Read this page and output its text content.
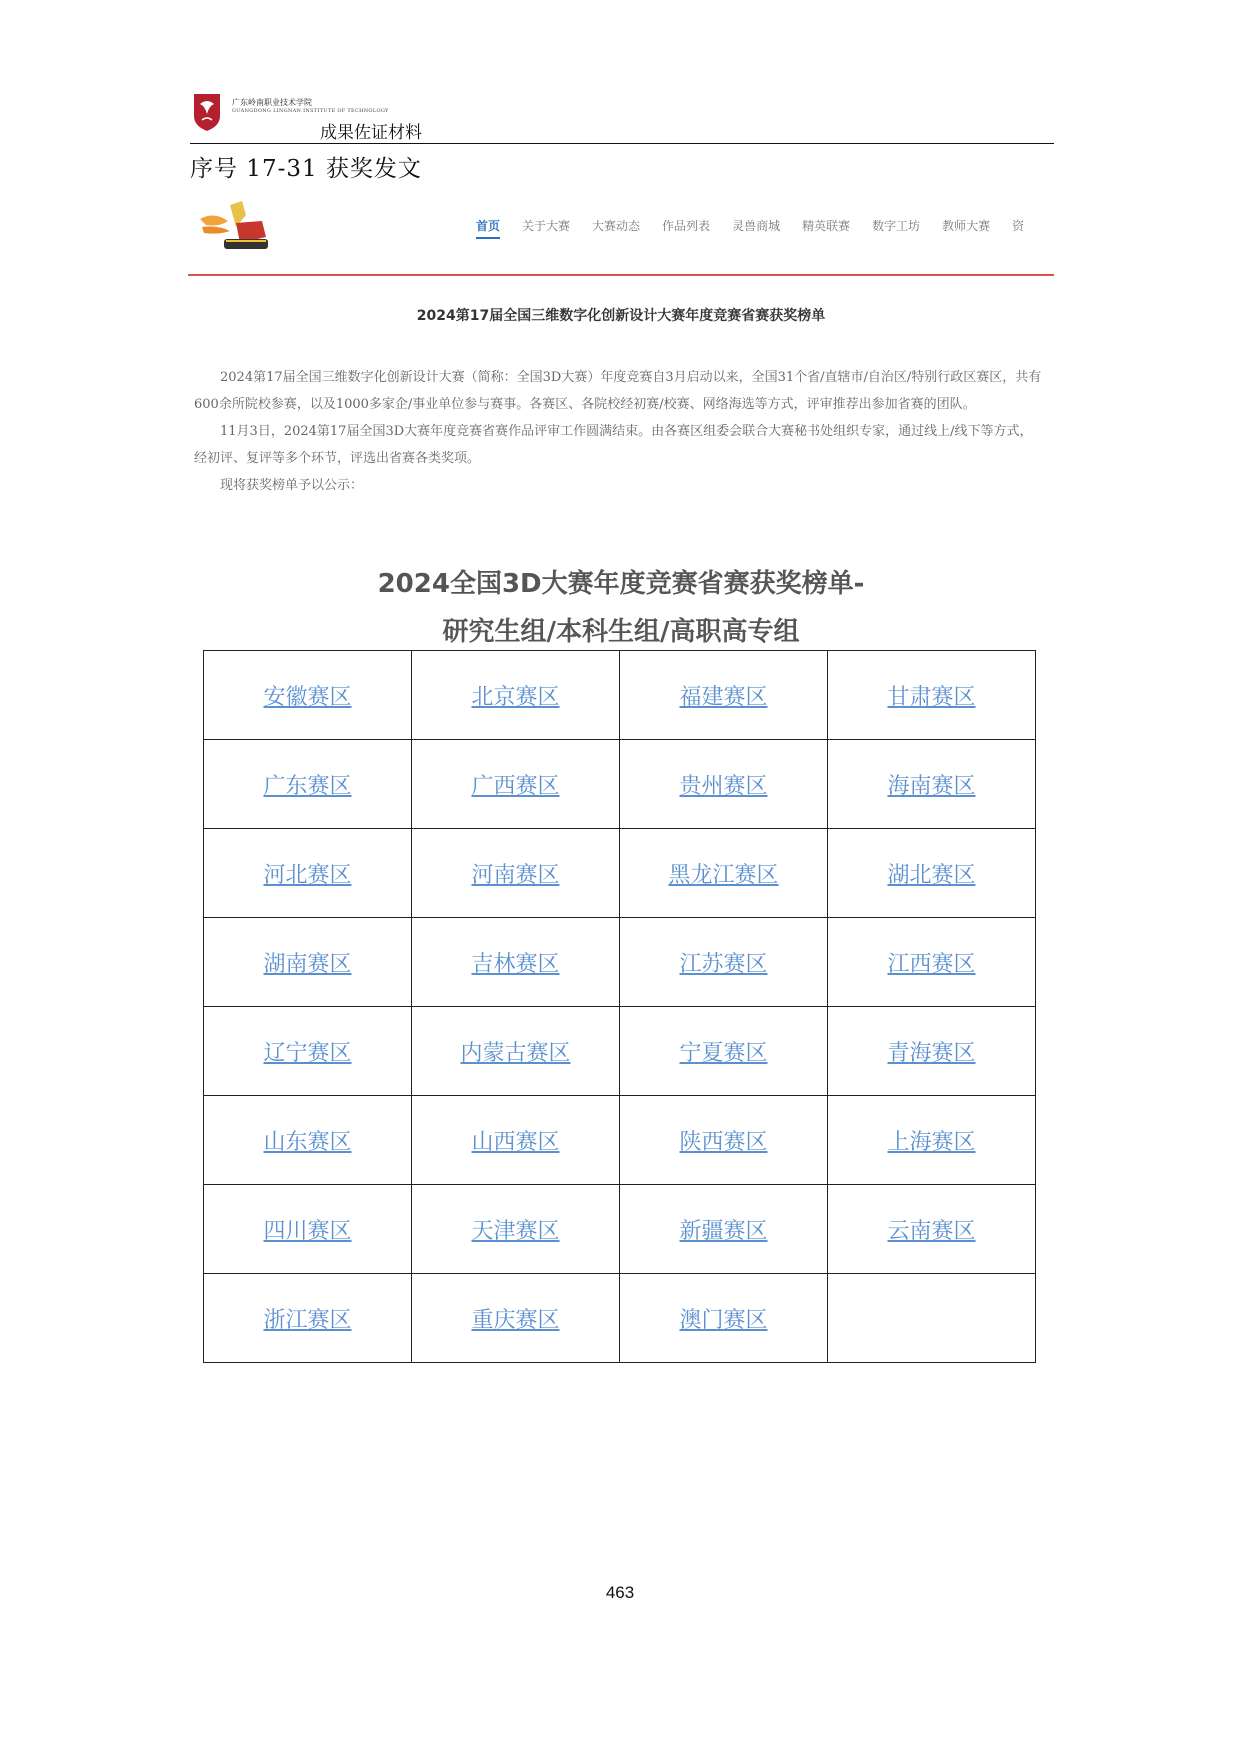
广东岭南职业技术学院
GUANGDONG LINGNAN INSTITUTE OF TECHNOLOGY
成果佐证材料
序号 17-31 获奖发文
首页 关于大赛 大赛动态 作品列表 灵兽商城 精英联赛 数字工坊 教师大赛 资
2024第17届全国三维数字化创新设计大赛年度竞赛省赛获奖榜单

2024第17届全国三维数字化创新设计大赛（简称：全国3D大赛）年度竞赛自3月启动以来，全国31个省/直辖市/自治区/特别行政区赛区，共有600余所院校参赛，以及1000多家企/事业单位参与赛事。各赛区、各院校经初赛/校赛、网络海选等方式，评审推荐出参加省赛的团队。

11月3日，2024第17届全国3D大赛年度竞赛省赛作品评审工作圆满结束。由各赛区组委会联合大赛秘书处组织专家，通过线上/线下等方式，经初评、复评等多个环节，评选出省赛各类奖项。

现将获奖榜单予以公示：

2024全国3D大赛年度竞赛省赛获奖榜单-
研究生组/本科生组/高职高专组
安徽赛区	北京赛区	福建赛区	甘肃赛区
广东赛区	广西赛区	贵州赛区	海南赛区
河北赛区	河南赛区	黑龙江赛区	湖北赛区
湖南赛区	吉林赛区	江苏赛区	江西赛区
辽宁赛区	内蒙古赛区	宁夏赛区	青海赛区
山东赛区	山西赛区	陕西赛区	上海赛区
四川赛区	天津赛区	新疆赛区	云南赛区
浙江赛区	重庆赛区	澳门赛区	
463
